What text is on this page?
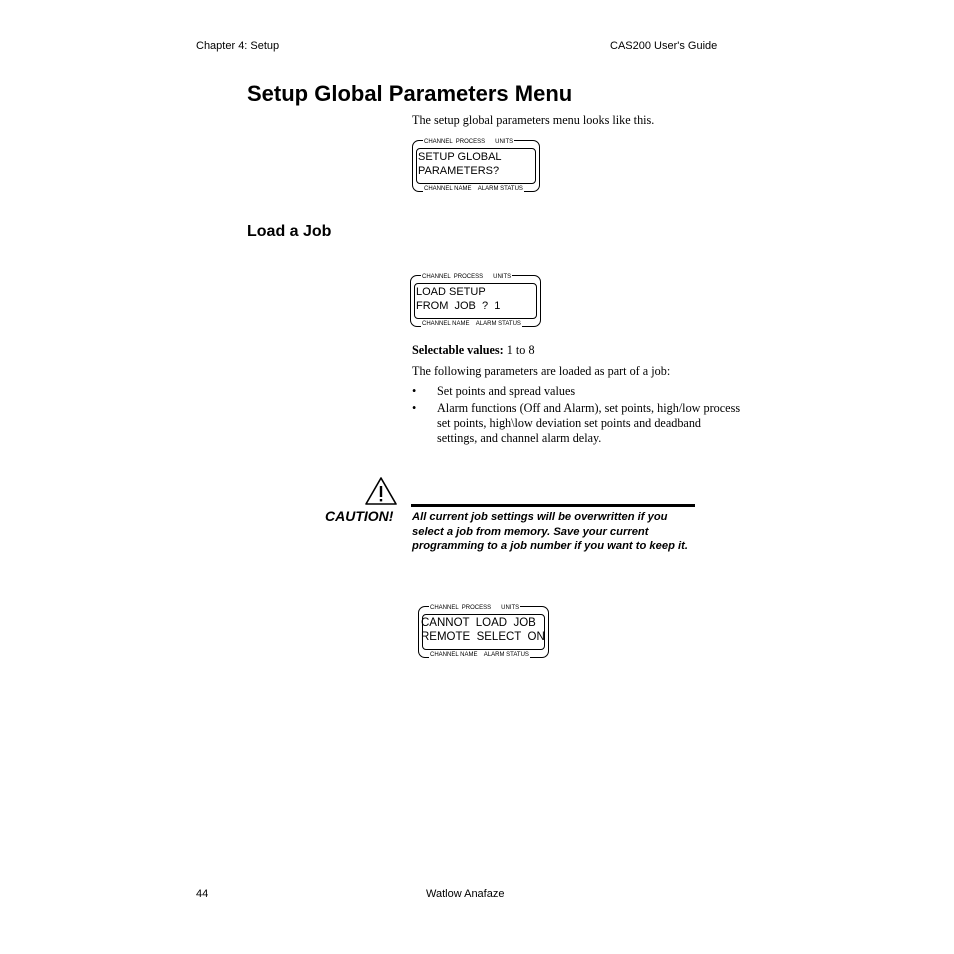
Chapter 4: Setup	CAS200 User's Guide
Setup Global Parameters Menu
The setup global parameters menu looks like this.
CHANNEL  PROCESS      UNITS
SETUP GLOBAL
PARAMETERS?
CHANNEL NAME    ALARM STATUS
Load a Job
CHANNEL  PROCESS      UNITS
LOAD SETUP
FROM  JOB  ?  1
CHANNEL NAME    ALARM STATUS
Selectable values: 1 to 8
The following parameters are loaded as part of a job:
• Set points and spread values
• Alarm functions (Off and Alarm), set points, high/low process set points, high\low deviation set points and deadband settings, and channel alarm delay.
CAUTION! All current job settings will be overwritten if you select a job from memory. Save your current programming to a job number if you want to keep it.
CHANNEL  PROCESS      UNITS
CANNOT  LOAD  JOB
REMOTE  SELECT  ON
CHANNEL NAME    ALARM STATUS
44	Watlow Anafaze
